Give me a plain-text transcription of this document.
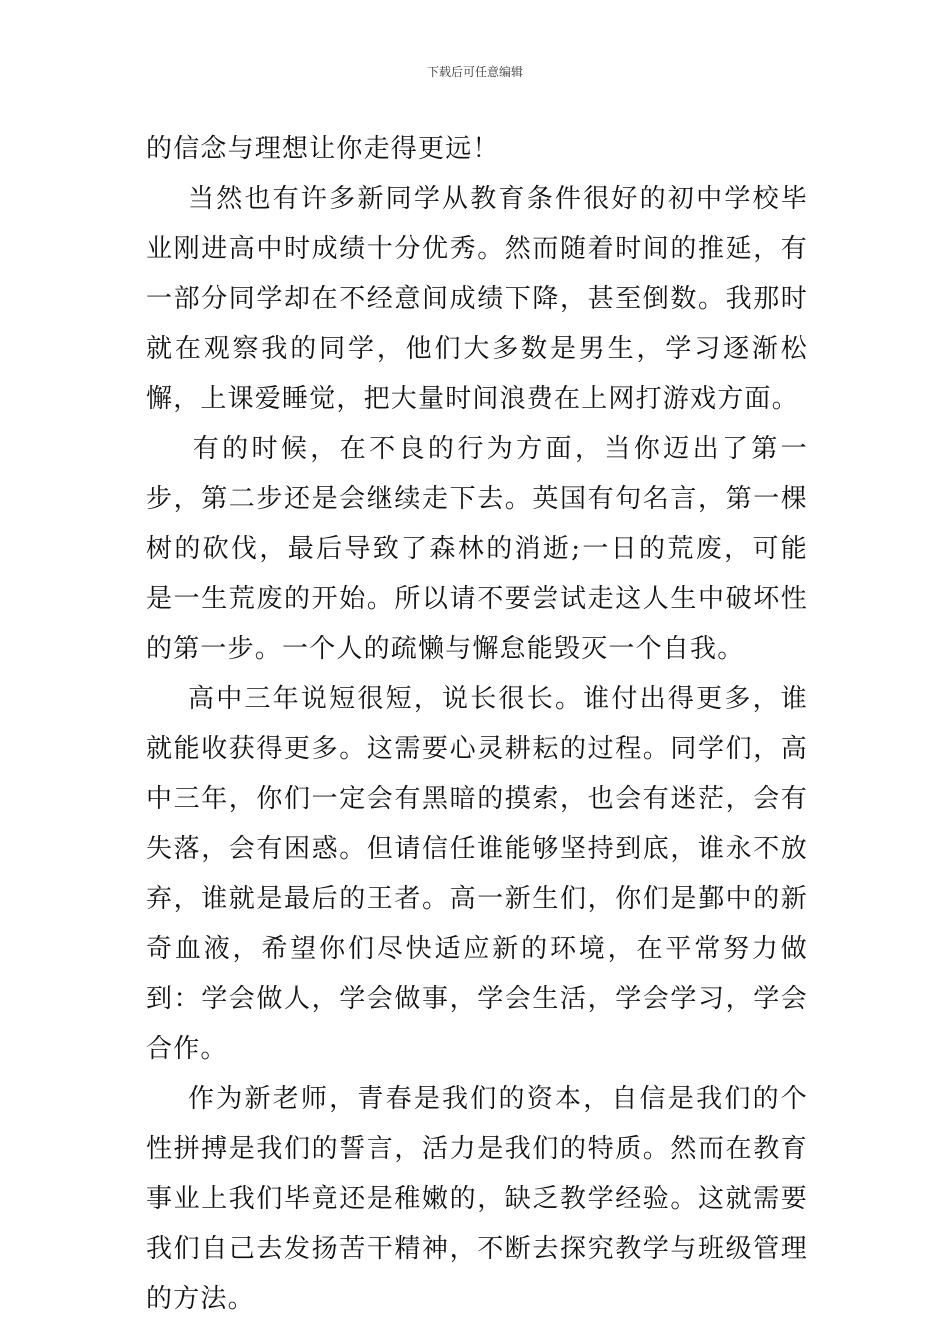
下载后可任意编辑

的信念与理想让你走得更远！

当然也有许多新同学从教育条件很好的初中学校毕业刚进高中时成绩十分优秀。然而随着时间的推延，有一部分同学却在不经意间成绩下降，甚至倒数。我那时就在观察我的同学，他们大多数是男生，学习逐渐松懈，上课爱睡觉，把大量时间浪费在上网打游戏方面。

有的时候，在不良的行为方面，当你迈出了第一步，第二步还是会继续走下去。英国有句名言，第一棵树的砍伐，最后导致了森林的消逝;一日的荒废，可能是一生荒废的开始。所以请不要尝试走这人生中破坏性的第一步。一个人的疏懒与懈怠能毁灭一个自我。

高中三年说短很短，说长很长。谁付出得更多，谁就能收获得更多。这需要心灵耕耘的过程。同学们，高中三年，你们一定会有黑暗的摸索，也会有迷茫，会有失落，会有困惑。但请信任谁能够坚持到底，谁永不放弃，谁就是最后的王者。高一新生们，你们是鄞中的新奇血液，希望你们尽快适应新的环境，在平常努力做到：学会做人，学会做事，学会生活，学会学习，学会合作。

作为新老师，青春是我们的资本，自信是我们的个性拼搏是我们的誓言，活力是我们的特质。然而在教育事业上我们毕竟还是稚嫩的，缺乏教学经验。这就需要我们自己去发扬苦干精神，不断去探究教学与班级管理的方法。
